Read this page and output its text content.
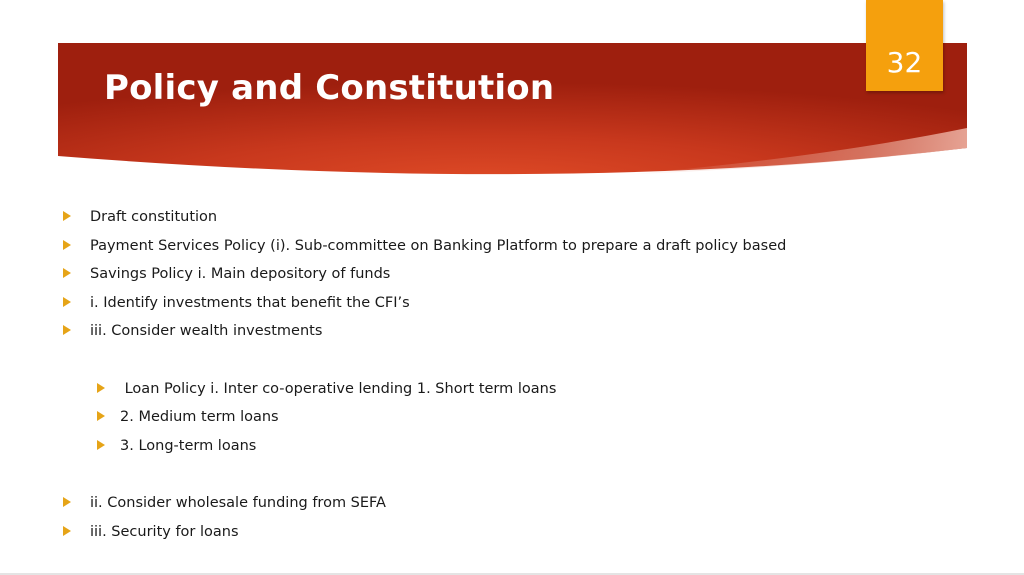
Policy and Constitution
32
Draft constitution
Payment Services Policy (i). Sub-committee on Banking Platform to prepare a draft policy based
Savings Policy i. Main depository of funds
i. Identify investments that benefit the CFI’s
iii. Consider wealth investments
Loan Policy i. Inter co-operative lending 1. Short term loans
2. Medium term loans
3. Long-term loans
ii. Consider wholesale funding from SEFA
iii. Security for loans
